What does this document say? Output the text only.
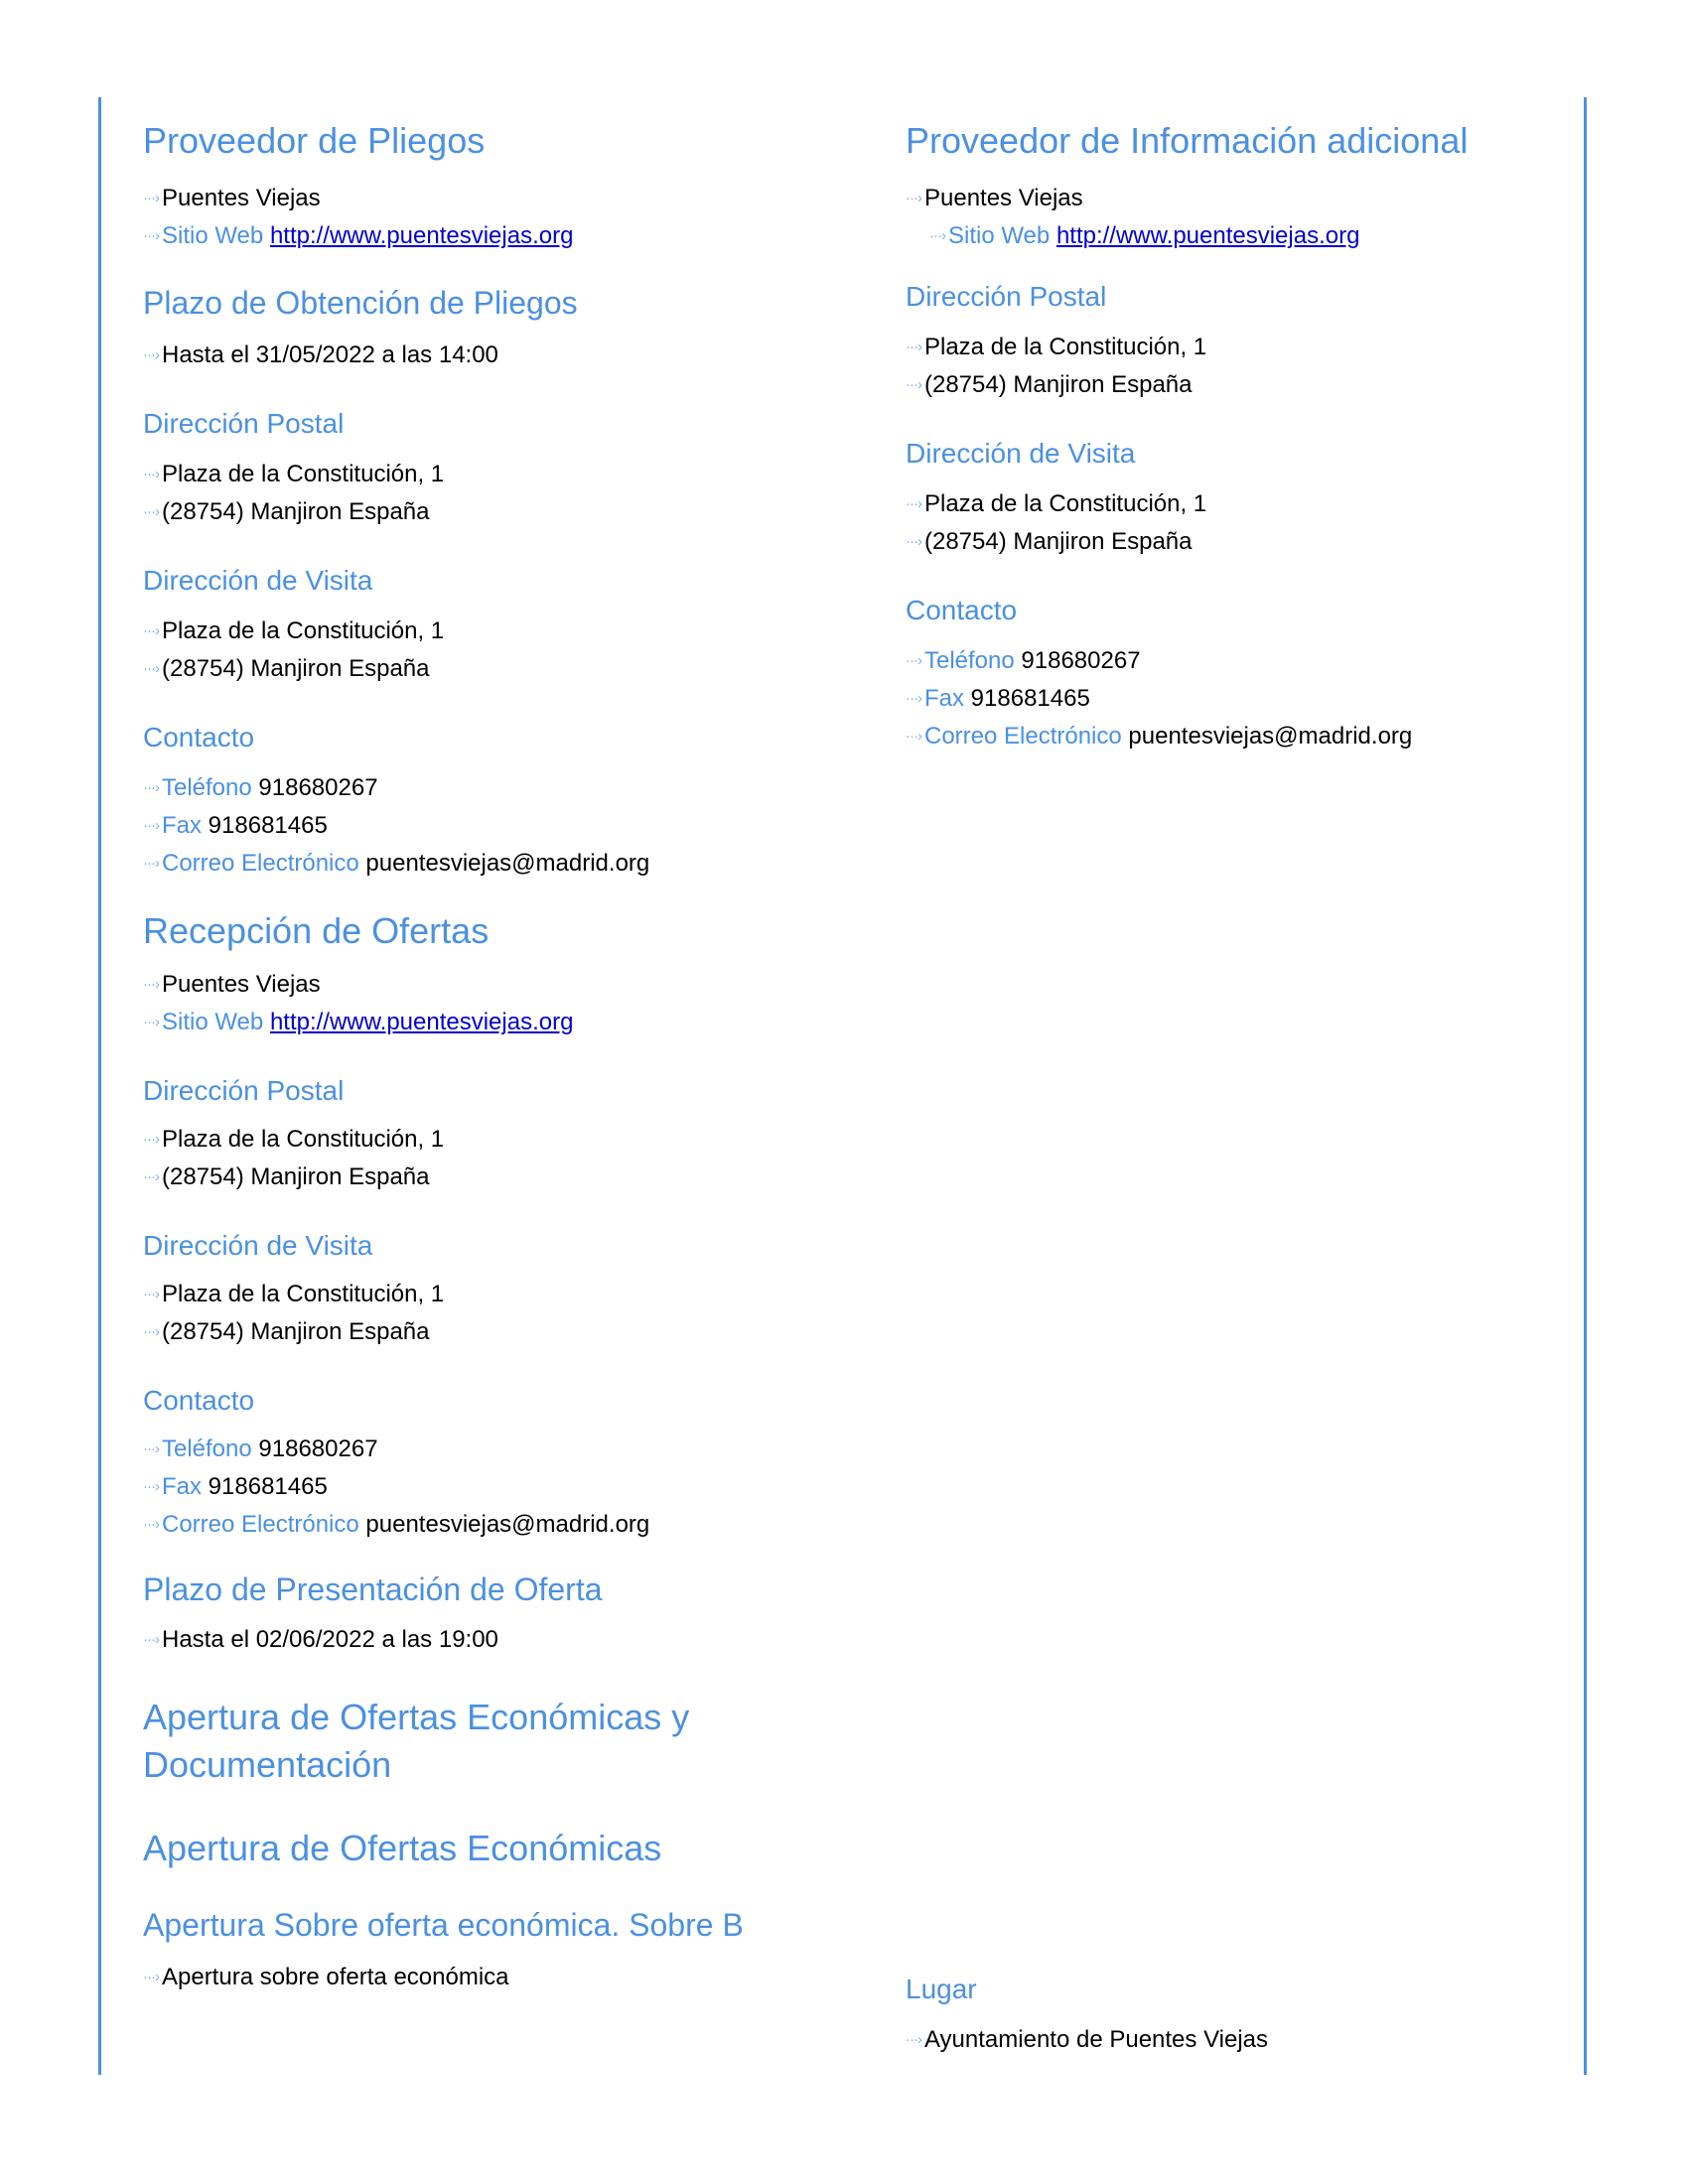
Proveedor de Pliegos
···› Puentes Viejas
···› Sitio Web http://www.puentesviejas.org
Plazo de Obtención de Pliegos
···› Hasta el 31/05/2022 a las 14:00
Dirección Postal
···› Plaza de la Constitución, 1
···› (28754) Manjiron España
Dirección de Visita
···› Plaza de la Constitución, 1
···› (28754) Manjiron España
Contacto
···› Teléfono 918680267
···› Fax 918681465
···› Correo Electrónico puentesviejas@madrid.org
Recepción de Ofertas
···› Puentes Viejas
···› Sitio Web http://www.puentesviejas.org
Dirección Postal
···› Plaza de la Constitución, 1
···› (28754) Manjiron España
Dirección de Visita
···› Plaza de la Constitución, 1
···› (28754) Manjiron España
Contacto
···› Teléfono 918680267
···› Fax 918681465
···› Correo Electrónico puentesviejas@madrid.org
Plazo de Presentación de Oferta
···› Hasta el 02/06/2022 a las 19:00
Apertura de Ofertas Económicas y Documentación
Apertura de Ofertas Económicas
Apertura Sobre oferta económica. Sobre B
···› Apertura sobre oferta económica
Proveedor de Información adicional
···› Puentes Viejas
···› Sitio Web http://www.puentesviejas.org
Dirección Postal
···› Plaza de la Constitución, 1
···› (28754) Manjiron España
Dirección de Visita
···› Plaza de la Constitución, 1
···› (28754) Manjiron España
Contacto
···› Teléfono 918680267
···› Fax 918681465
···› Correo Electrónico puentesviejas@madrid.org
Lugar
···› Ayuntamiento de Puentes Viejas
